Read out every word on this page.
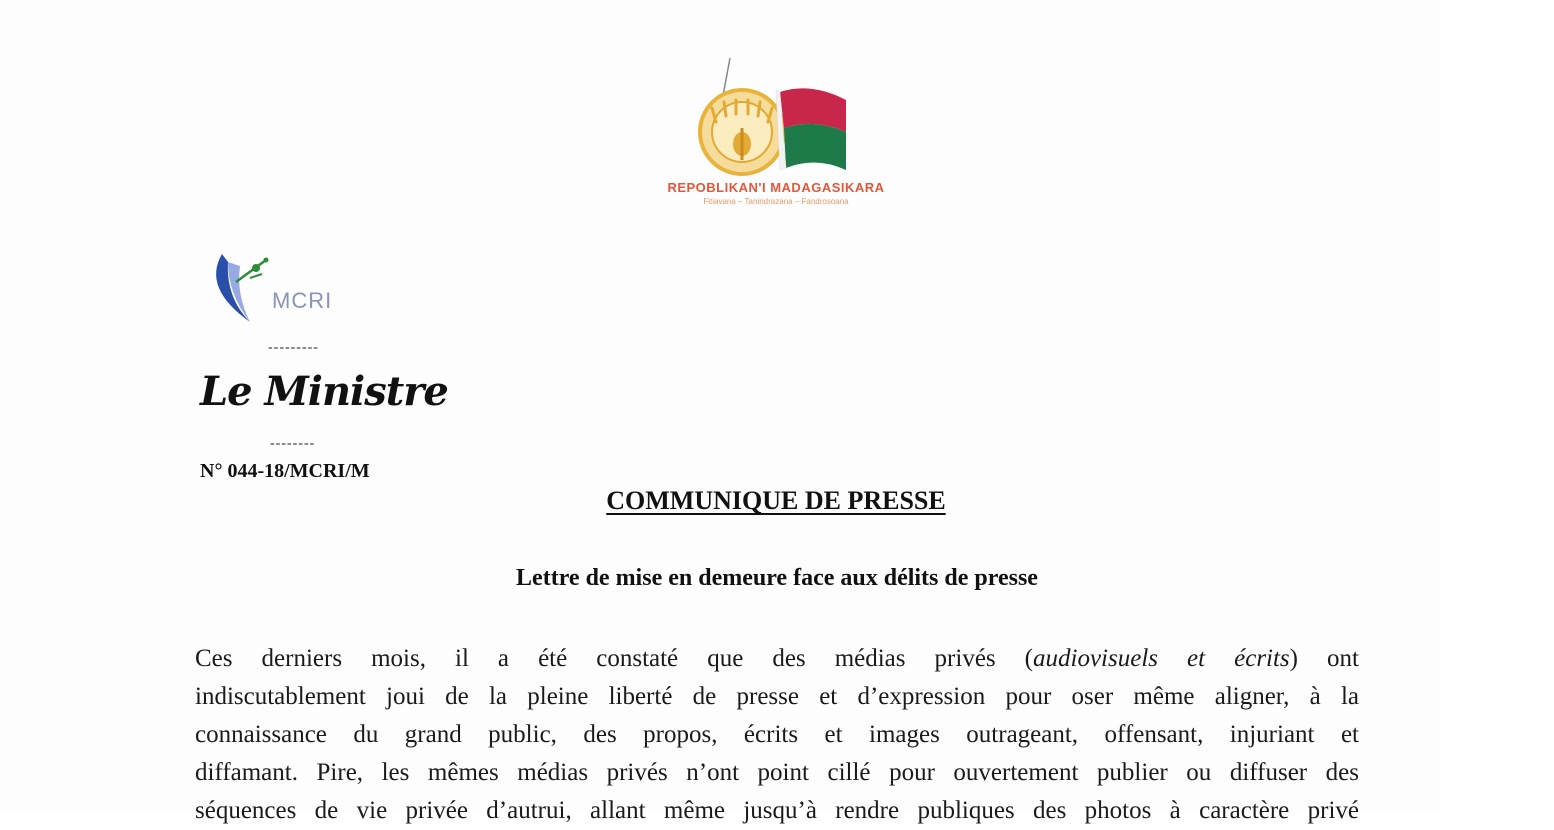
REPOBLIKAN'I MADAGASIKARA
Fitiavana – Tanindrazana – Fandrosoana
MCRI
---------
Le Ministre
--------
N° 044-18/MCRI/M
COMMUNIQUE DE PRESSE
Lettre de mise en demeure face aux délits de presse
Ces derniers mois, il a été constaté que des médias privés (audiovisuels et écrits) ont
indiscutablement joui de la pleine liberté de presse et d’expression pour oser même aligner, à la
connaissance du grand public, des propos, écrits et images outrageant, offensant, injuriant et
diffamant. Pire, les mêmes médias privés n’ont point cillé pour ouvertement publier ou diffuser des
séquences de vie privée d’autrui, allant même jusqu’à rendre publiques des photos à caractère privé
